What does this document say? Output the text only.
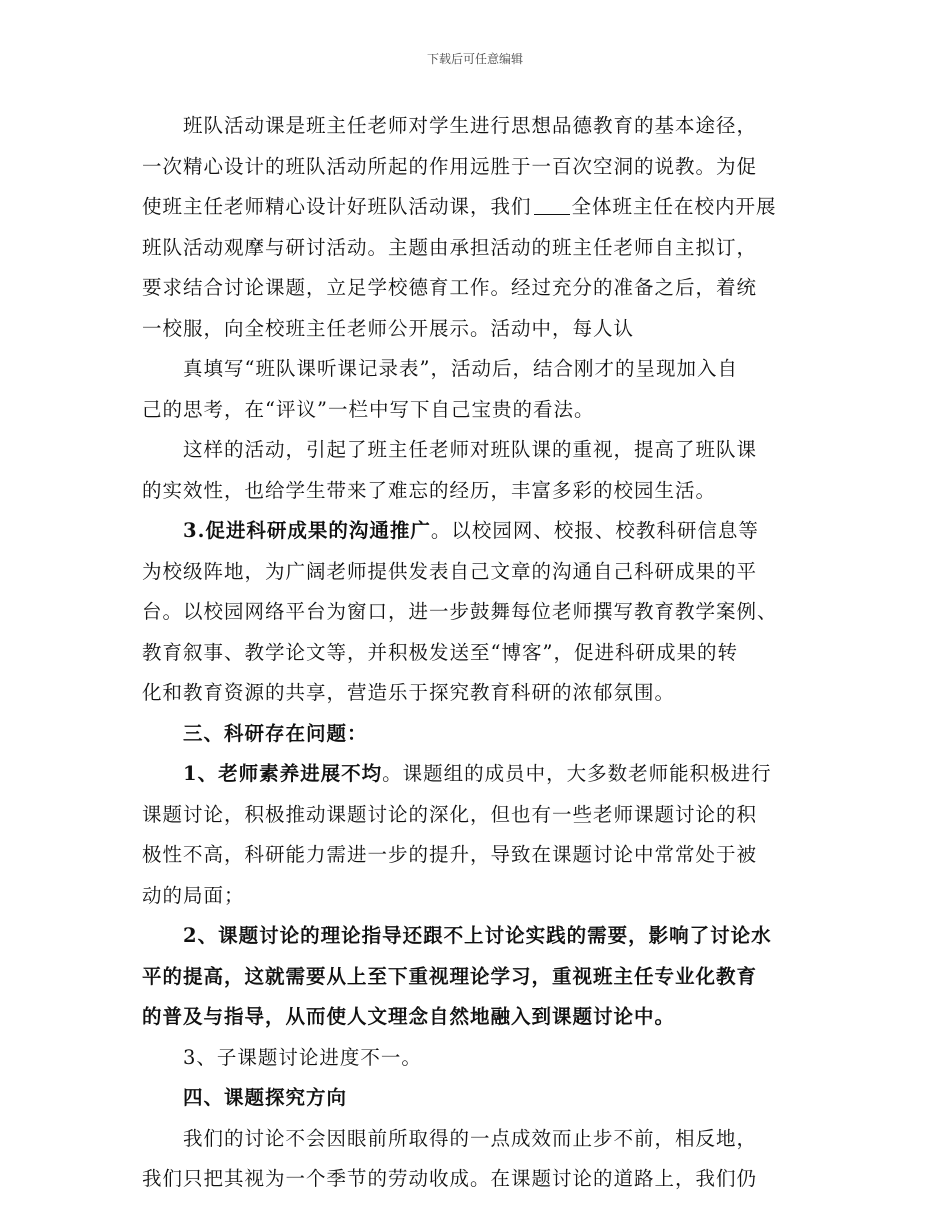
下载后可任意编辑
班队活动课是班主任老师对学生进行思想品德教育的基本途径，
一次精心设计的班队活动所起的作用远胜于一百次空洞的说教。为促
使班主任老师精心设计好班队活动课，我们 全体班主任在校内开展
班队活动观摩与研讨活动。主题由承担活动的班主任老师自主拟订，
要求结合讨论课题，立足学校德育工作。经过充分的准备之后，着统
一校服，向全校班主任老师公开展示。活动中，每人认
真填写“班队课听课记录表”，活动后，结合刚才的呈现加入自
己的思考，在“评议”一栏中写下自己宝贵的看法。
这样的活动，引起了班主任老师对班队课的重视，提高了班队课
的实效性，也给学生带来了难忘的经历，丰富多彩的校园生活。
3.促进科研成果的沟通推广。以校园网、校报、校教科研信息等
为校级阵地，为广阔老师提供发表自己文章的沟通自己科研成果的平
台。以校园网络平台为窗口，进一步鼓舞每位老师撰写教育教学案例、
教育叙事、教学论文等，并积极发送至“博客”，促进科研成果的转
化和教育资源的共享，营造乐于探究教育科研的浓郁氛围。
三、科研存在问题：
1、老师素养进展不均。课题组的成员中，大多数老师能积极进行
课题讨论，积极推动课题讨论的深化，但也有一些老师课题讨论的积
极性不高，科研能力需进一步的提升，导致在课题讨论中常常处于被
动的局面；
2、课题讨论的理论指导还跟不上讨论实践的需要，影响了讨论水
平的提高，这就需要从上至下重视理论学习，重视班主任专业化教育
的普及与指导，从而使人文理念自然地融入到课题讨论中。
3、子课题讨论进度不一。
四、课题探究方向
我们的讨论不会因眼前所取得的一点成效而止步不前，相反地，
我们只把其视为一个季节的劳动收成。在课题讨论的道路上，我们仍
